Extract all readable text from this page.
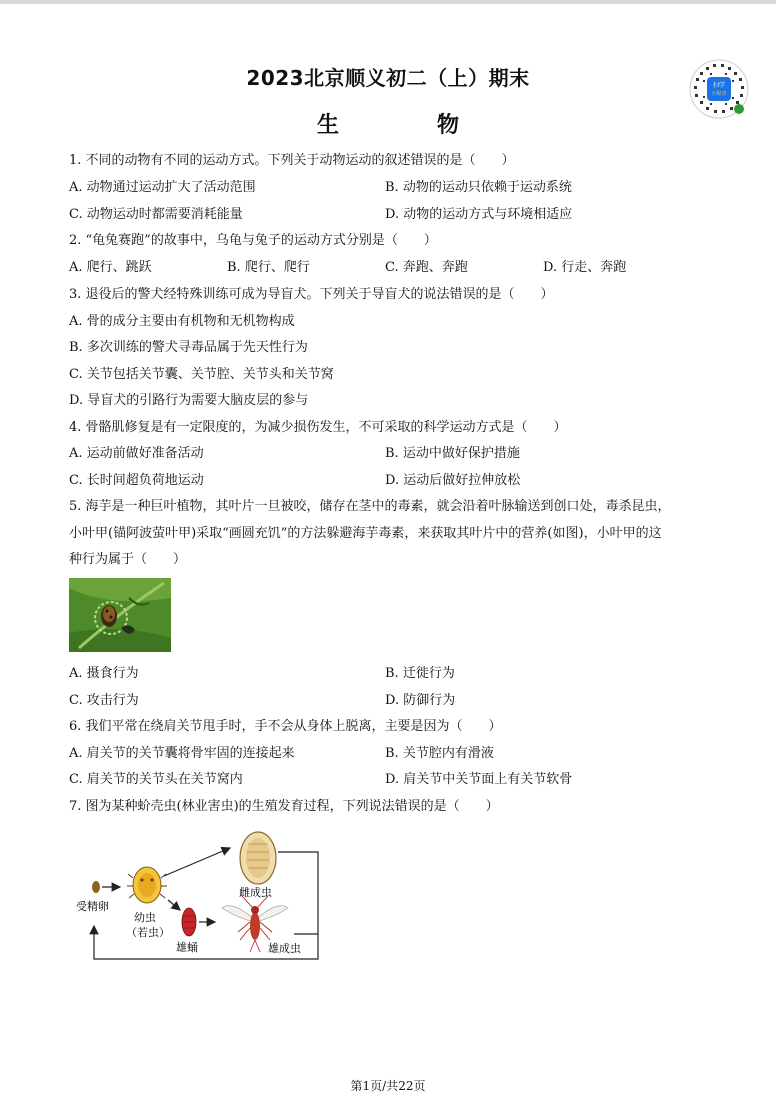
2023北京顺义初二（上）期末
生　物
扫学
小程序
1. 不同的动物有不同的运动方式。下列关于动物运动的叙述错误的是（　　）
A. 动物通过运动扩大了活动范围	B. 动物的运动只依赖于运动系统
C. 动物运动时都需要消耗能量	D. 动物的运动方式与环境相适应
2. “龟兔赛跑”的故事中，乌龟与兔子的运动方式分别是（　　）
A. 爬行、跳跃	B. 爬行、爬行	C. 奔跑、奔跑	D. 行走、奔跑
3. 退役后的警犬经特殊训练可成为导盲犬。下列关于导盲犬的说法错误的是（　　）
A. 骨的成分主要由有机物和无机物构成
B. 多次训练的警犬寻毒品属于先天性行为
C. 关节包括关节囊、关节腔、关节头和关节窝
D. 导盲犬的引路行为需要大脑皮层的参与
4. 骨骼肌修复是有一定限度的，为减少损伤发生，不可采取的科学运动方式是（　　）
A. 运动前做好准备活动	B. 运动中做好保护措施
C. 长时间超负荷地运动	D. 运动后做好拉伸放松
5. 海芋是一种巨叶植物，其叶片一旦被咬，储存在茎中的毒素，就会沿着叶脉输送到创口处，毒杀昆虫，
小叶甲(锚阿波萤叶甲)采取“画圆充饥”的方法躲避海芋毒素，来获取其叶片中的营养(如图)，小叶甲的这
种行为属于（　　）
A. 摄食行为	B. 迁徙行为
C. 攻击行为	D. 防御行为
6. 我们平常在绕肩关节甩手时，手不会从身体上脱离，主要是因为（　　）
A. 肩关节的关节囊将骨牢固的连接起来	B. 关节腔内有滑液
C. 肩关节的关节头在关节窝内	D. 肩关节中关节面上有关节软骨
7. 图为某种蚧壳虫(林业害虫)的生殖发育过程，下列说法错误的是（　　）
受精卵
幼虫
（若虫）
雌成虫
雄蛹	雄成虫
第1页/共22页
